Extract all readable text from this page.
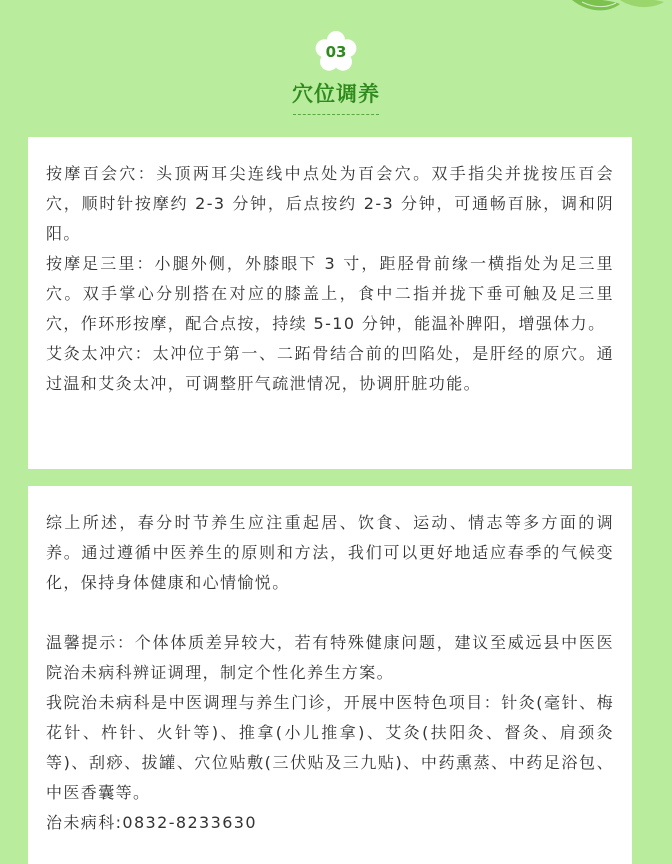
03
穴位调养

按摩百会穴：头顶两耳尖连线中点处为百会穴。双手指尖并拢按压百会穴，顺时针按摩约 2-3 分钟，后点按约 2-3 分钟，可通畅百脉，调和阴阳。

按摩足三里：小腿外侧，外膝眼下 3 寸，距胫骨前缘一横指处为足三里穴。双手掌心分别搭在对应的膝盖上，食中二指并拢下垂可触及足三里穴，作环形按摩，配合点按，持续 5-10 分钟，能温补脾阳，增强体力。

艾灸太冲穴：太冲位于第一、二跖骨结合前的凹陷处，是肝经的原穴。通过温和艾灸太冲，可调整肝气疏泄情况，协调肝脏功能。

综上所述，春分时节养生应注重起居、饮食、运动、情志等多方面的调养。通过遵循中医养生的原则和方法，我们可以更好地适应春季的气候变化，保持身体健康和心情愉悦。

温馨提示：个体体质差异较大，若有特殊健康问题，建议至威远县中医医院治未病科辨证调理，制定个性化养生方案。

我院治未病科是中医调理与养生门诊，开展中医特色项目：针灸(毫针、梅花针、杵针、火针等)、推拿(小儿推拿)、艾灸(扶阳灸、督灸、肩颈灸等)、刮痧、拔罐、穴位贴敷(三伏贴及三九贴)、中药熏蒸、中药足浴包、中医香囊等。

治未病科:0832-8233630
